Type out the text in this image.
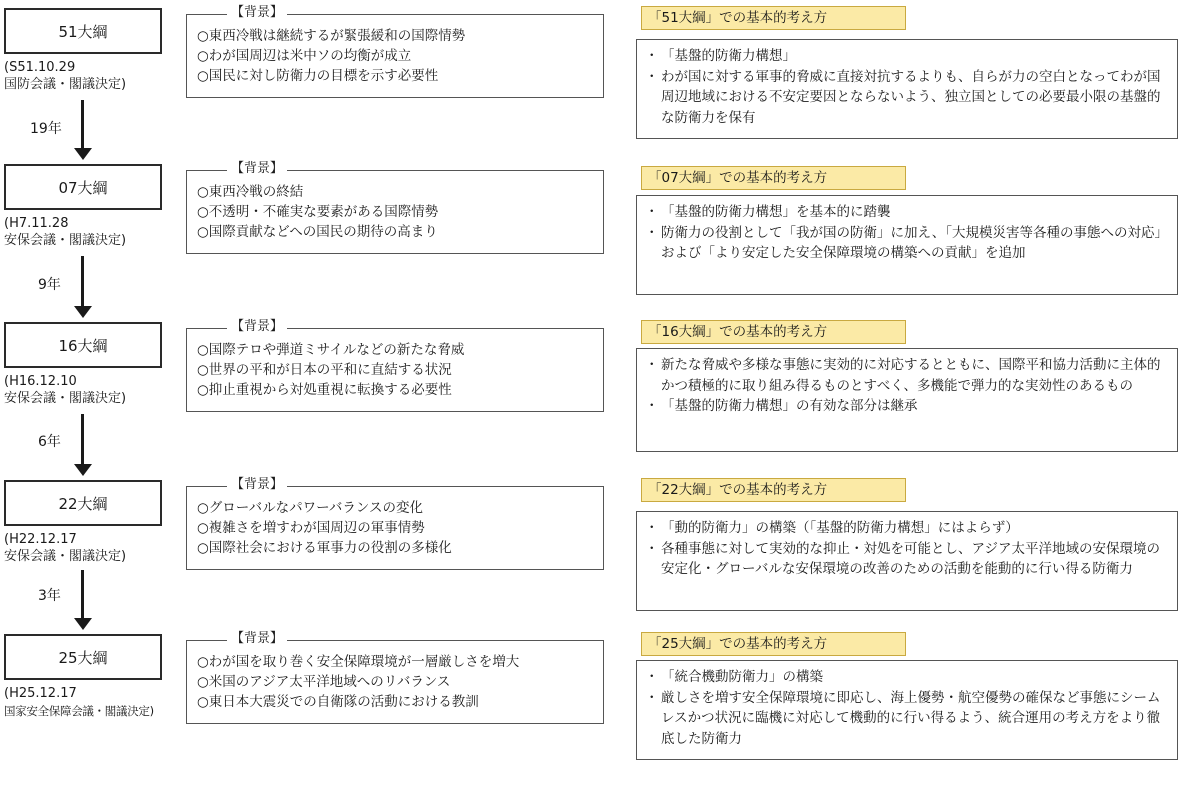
51大綱
(S51.10.29
国防会議・閣議決定)
【背景】
○東西冷戦は継続するが緊張緩和の国際情勢
○わが国周辺は米中ソの均衡が成立
○国民に対し防衛力の目標を示す必要性
「51大綱」での基本的考え方
・ 「基盤的防衛力構想」
・ わが国に対する軍事的脅威に直接対抗するよりも、自らが力の空白となってわが国周辺地域における不安定要因とならないよう、独立国としての必要最小限の基盤的な防衛力を保有
19年
07大綱
(H7.11.28
安保会議・閣議決定)
【背景】
○東西冷戦の終結
○不透明・不確実な要素がある国際情勢
○国際貢献などへの国民の期待の高まり
「07大綱」での基本的考え方
・ 「基盤的防衛力構想」を基本的に踏襲
・ 防衛力の役割として「我が国の防衛」に加え、「大規模災害等各種の事態への対応」および「より安定した安全保障環境の構築への貢献」を追加
9年
16大綱
(H16.12.10
安保会議・閣議決定)
【背景】
○国際テロや弾道ミサイルなどの新たな脅威
○世界の平和が日本の平和に直結する状況
○抑止重視から対処重視に転換する必要性
「16大綱」での基本的考え方
・ 新たな脅威や多様な事態に実効的に対応するとともに、国際平和協力活動に主体的かつ積極的に取り組み得るものとすべく、多機能で弾力的な実効性のあるもの
・ 「基盤的防衛力構想」の有効な部分は継承
6年
22大綱
(H22.12.17
安保会議・閣議決定)
【背景】
○グローバルなパワーバランスの変化
○複雑さを増すわが国周辺の軍事情勢
○国際社会における軍事力の役割の多様化
「22大綱」での基本的考え方
・ 「動的防衛力」の構築（「基盤的防衛力構想」にはよらず）
・ 各種事態に対して実効的な抑止・対処を可能とし、アジア太平洋地域の安保環境の安定化・グローバルな安保環境の改善のための活動を能動的に行い得る防衛力
3年
25大綱
(H25.12.17
国家安全保障会議・閣議決定)
【背景】
○わが国を取り巻く安全保障環境が一層厳しさを増大
○米国のアジア太平洋地域へのリバランス
○東日本大震災での自衛隊の活動における教訓
「25大綱」での基本的考え方
・ 「統合機動防衛力」の構築
・ 厳しさを増す安全保障環境に即応し、海上優勢・航空優勢の確保など事態にシームレスかつ状況に臨機に対応して機動的に行い得るよう、統合運用の考え方をより徹底した防衛力
